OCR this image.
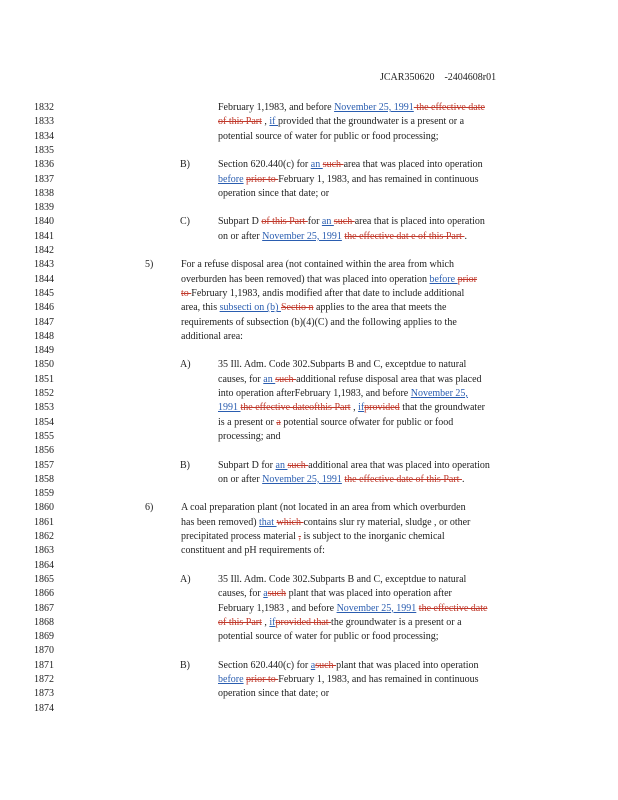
JCAR350620    -2404608r01
1832
1833
1834
1835
1836
1837
1838
1839
1840
1841
1842
1843
1844
1845
1846
1847
1848
1849
1850
1851
1852
1853
1854
1855
1856
1857
1858
1859
1860
1861
1862
1863
1864
1865
1866
1867
1868
1869
1870
1871
1872
1873
1874
B)
C)
5)
A)
B)
6)
A)
B)
February 1,1983, and before November 25, 1991 the effective date
of this Part , if provided that the groundwater is a present or a
potential source of water for public or food processing;
Section 620.440(c) for an such area that was placed into operation
before prior to February 1, 1983, and has remained in continuous
operation since that date; or
Subpart D of this Part for an such area that is placed into operation
on or after November 25, 1991 the effective dat e of this Part .
For a refuse disposal area (not contained within the area from which
overburden has been removed) that was placed into operation before prior
to February 1,1983, andis modified after that date to include additional
area, this subsecti on (b) Sectio n applies to the area that meets the
requirements of subsection (b)(4)(C) and the following applies to the
additional area:
35 Ill. Adm. Code 302.Subparts B and C, exceptdue to natural
causes, for an such additional refuse disposal area that was placed
into operation afterFebruary 1,1983, and before November 25,
1991 the effective dateofthis Part , ifprovided that the groundwater
is a present or a potential source ofwater for public or food
processing; and
Subpart D for an such additional area that was placed into operation
on or after November 25, 1991 the effective date of this Part .
A coal preparation plant (not located in an area from which overburden
has been removed) that which contains slur ry material, sludge , or other
precipitated process material , is subject to the inorganic chemical
constituent and pH requirements of:
35 Ill. Adm. Code 302.Subparts B and C, exceptdue to natural
causes, for asuch plant that was placed into operation after
February 1,1983 , and before November 25, 1991 the effective date
of this Part , ifprovided that the groundwater is a present or a
potential source of water for public or food processing;
Section 620.440(c) for asuch plant that was placed into operation
before prior to February 1, 1983, and has remained in continuous
operation since that date; or
